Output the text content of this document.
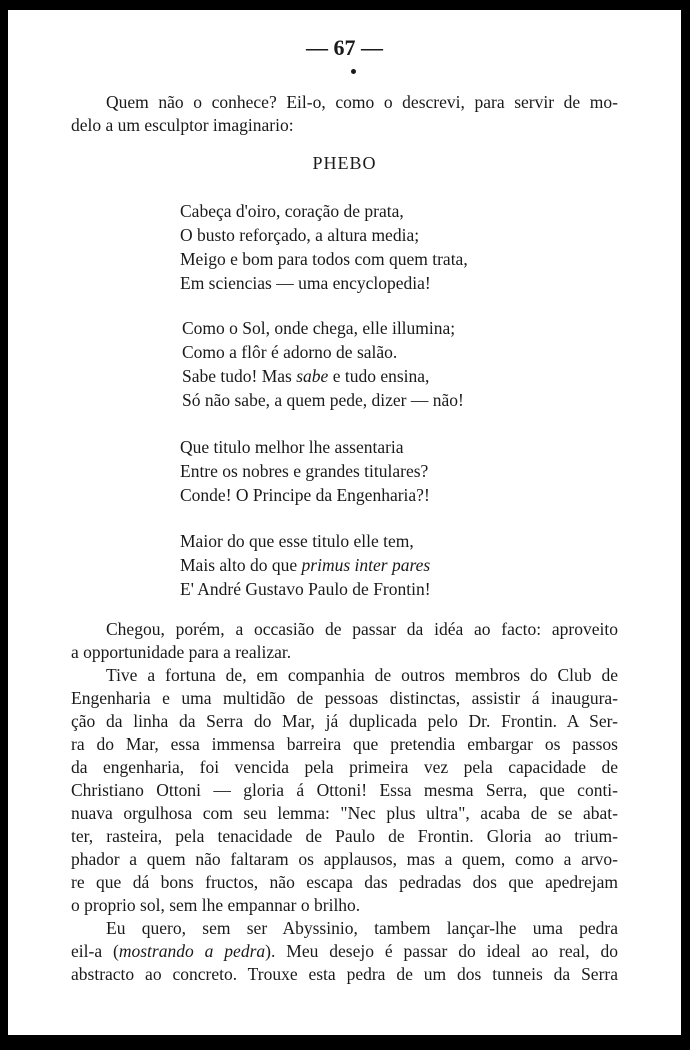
— 67 —
Quem não o conhece? Eil-o, como o descrevi, para servir de mo-
delo a um esculptor imaginario:
PHEBO
Cabeça d'oiro, coração de prata,
O busto reforçado, a altura media;
Meigo e bom para todos com quem trata,
Em sciencias — uma encyclopedia!
Como o Sol, onde chega, elle illumina;
Como a flôr é adorno de salão.
Sabe tudo! Mas sabe e tudo ensina,
Só não sabe, a quem pede, dizer — não!
Que titulo melhor lhe assentaria
Entre os nobres e grandes titulares?
Conde! O Principe da Engenharia?!
Maior do que esse titulo elle tem,
Mais alto do que primus inter pares
E' André Gustavo Paulo de Frontin!
Chegou, porém, a occasião de passar da idéa ao facto: aproveito
a opportunidade para a realizar.
Tive a fortuna de, em companhia de outros membros do Club de
Engenharia e uma multidão de pessoas distinctas, assistir á inaugura-
ção da linha da Serra do Mar, já duplicada pelo Dr. Frontin. A Ser-
ra do Mar, essa immensa barreira que pretendia embargar os passos
da engenharia, foi vencida pela primeira vez pela capacidade de
Christiano Ottoni — gloria á Ottoni! Essa mesma Serra, que conti-
nuava orgulhosa com seu lemma: "Nec plus ultra", acaba de se abat-
ter, rasteira, pela tenacidade de Paulo de Frontin. Gloria ao trium-
phador a quem não faltaram os applausos, mas a quem, como a arvo-
re que dá bons fructos, não escapa das pedradas dos que apedrejam
o proprio sol, sem lhe empannar o brilho.
Eu quero, sem ser Abyssinio, tambem lançar-lhe uma pedra
eil-a (mostrando a pedra). Meu desejo é passar do ideal ao real, do
abstracto ao concreto. Trouxe esta pedra de um dos tunneis da Serra
